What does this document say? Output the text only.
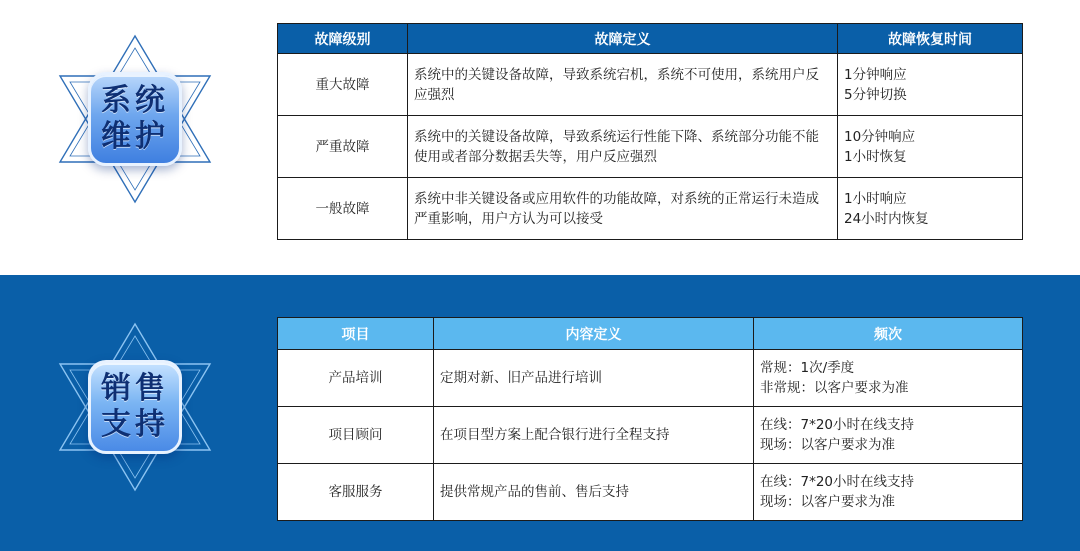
系统
维护
销售
支持
故障级别	故障定义	故障恢复时间
重大故障	系统中的关键设备故障，导致系统宕机，系统不可使用，系统用户反应强烈	1分钟响应
5分钟切换

严重故障	系统中的关键设备故障，导致系统运行性能下降、系统部分功能不能使用或者部分数据丢失等，用户反应强烈	10分钟响应
1小时恢复

一般故障	系统中非关键设备或应用软件的功能故障，对系统的正常运行未造成严重影响，用户方认为可以接受	1小时响应
24小时内恢复
项目	内容定义	频次
产品培训	定期对新、旧产品进行培训	常规：1次/季度
非常规：以客户要求为准

项目顾问	在项目型方案上配合银行进行全程支持	在线：7*20小时在线支持
现场：以客户要求为准

客服服务	提供常规产品的售前、售后支持	在线：7*20小时在线支持
现场：以客户要求为准
